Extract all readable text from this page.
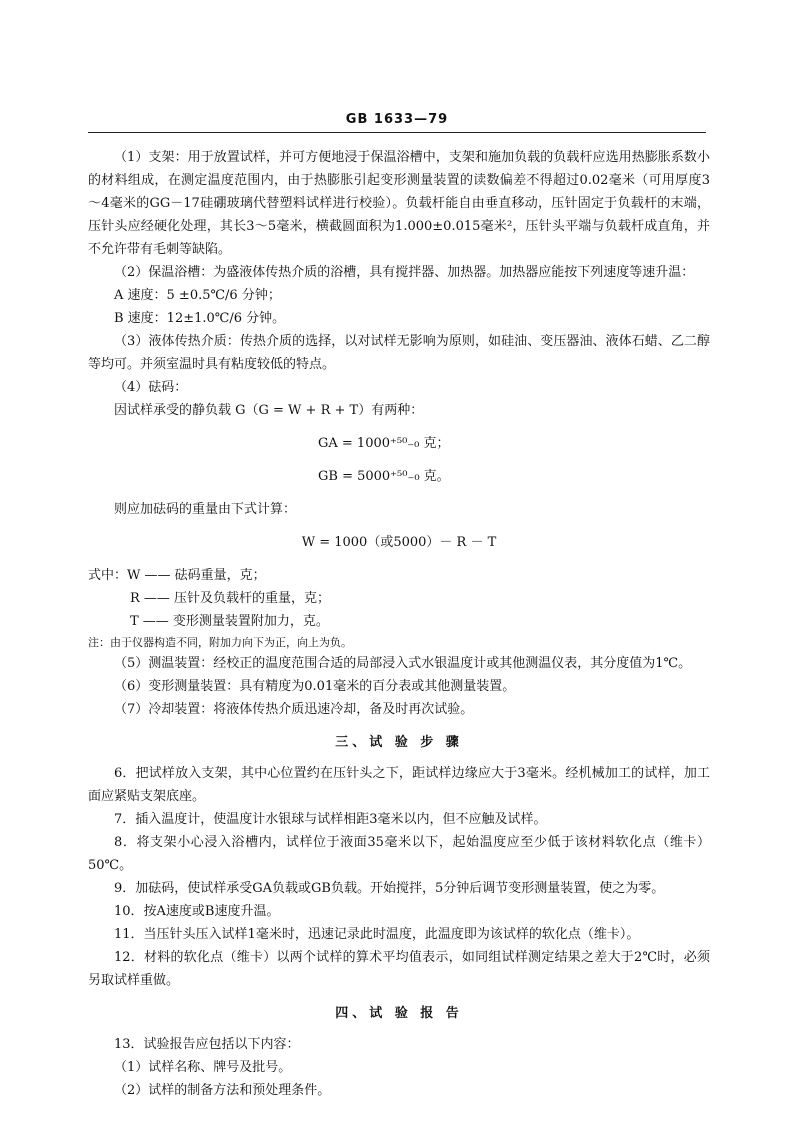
GB 1633—79

（1）支架：用于放置试样，并可方便地浸于保温浴槽中，支架和施加负载的负载杆应选用热膨胀系数小的材料组成，在测定温度范围内，由于热膨胀引起变形测量装置的读数偏差不得超过0.02毫米（可用厚度3～4毫米的GG－17硅硼玻璃代替塑料试样进行校验）。负载杆能自由垂直移动，压针固定于负载杆的末端，压针头应经硬化处理，其长3～5毫米，横截圆面积为1.000±0.015毫米²，压针头平端与负载杆成直角，并不允许带有毛刺等缺陷。

（2）保温浴槽：为盛液体传热介质的浴槽，具有搅拌器、加热器。加热器应能按下列速度等速升温：

A 速度：5 ±0.5℃/6 分钟；

B 速度：12±1.0℃/6 分钟。

（3）液体传热介质：传热介质的选择，以对试样无影响为原则，如硅油、变压器油、液体石蜡、乙二醇等均可。并须室温时具有粘度较低的特点。

（4）砝码：

因试样承受的静负载 G（G = W + R + T）有两种：

GA = 1000⁺⁵⁰₋₀ 克；

GB = 5000⁺⁵⁰₋₀ 克。

则应加砝码的重量由下式计算：

W = 1000（或5000）－ R － T

式中：W —— 砝码重量，克；

R —— 压针及负载杆的重量，克；

T —— 变形测量装置附加力，克。

注：由于仪器构造不同，附加力向下为正，向上为负。

（5）测温装置：经校正的温度范围合适的局部浸入式水银温度计或其他测温仪表，其分度值为1℃。

（6）变形测量装置：具有精度为0.01毫米的百分表或其他测量装置。

（7）冷却装置：将液体传热介质迅速冷却，备及时再次试验。

三、试 验 步 骤

6．把试样放入支架，其中心位置约在压针头之下，距试样边缘应大于3毫米。经机械加工的试样，加工面应紧贴支架底座。

7．插入温度计，使温度计水银球与试样相距3毫米以内，但不应触及试样。

8．将支架小心浸入浴槽内，试样位于液面35毫米以下，起始温度应至少低于该材料软化点（维卡）50℃。

9．加砝码，使试样承受GA负载或GB负载。开始搅拌，5分钟后调节变形测量装置，使之为零。

10．按A速度或B速度升温。

11．当压针头压入试样1毫米时，迅速记录此时温度，此温度即为该试样的软化点（维卡）。

12．材料的软化点（维卡）以两个试样的算术平均值表示，如同组试样测定结果之差大于2℃时，必须另取试样重做。

四、试 验 报 告

13．试验报告应包括以下内容：

（1）试样名称、牌号及批号。

（2）试样的制备方法和预处理条件。
